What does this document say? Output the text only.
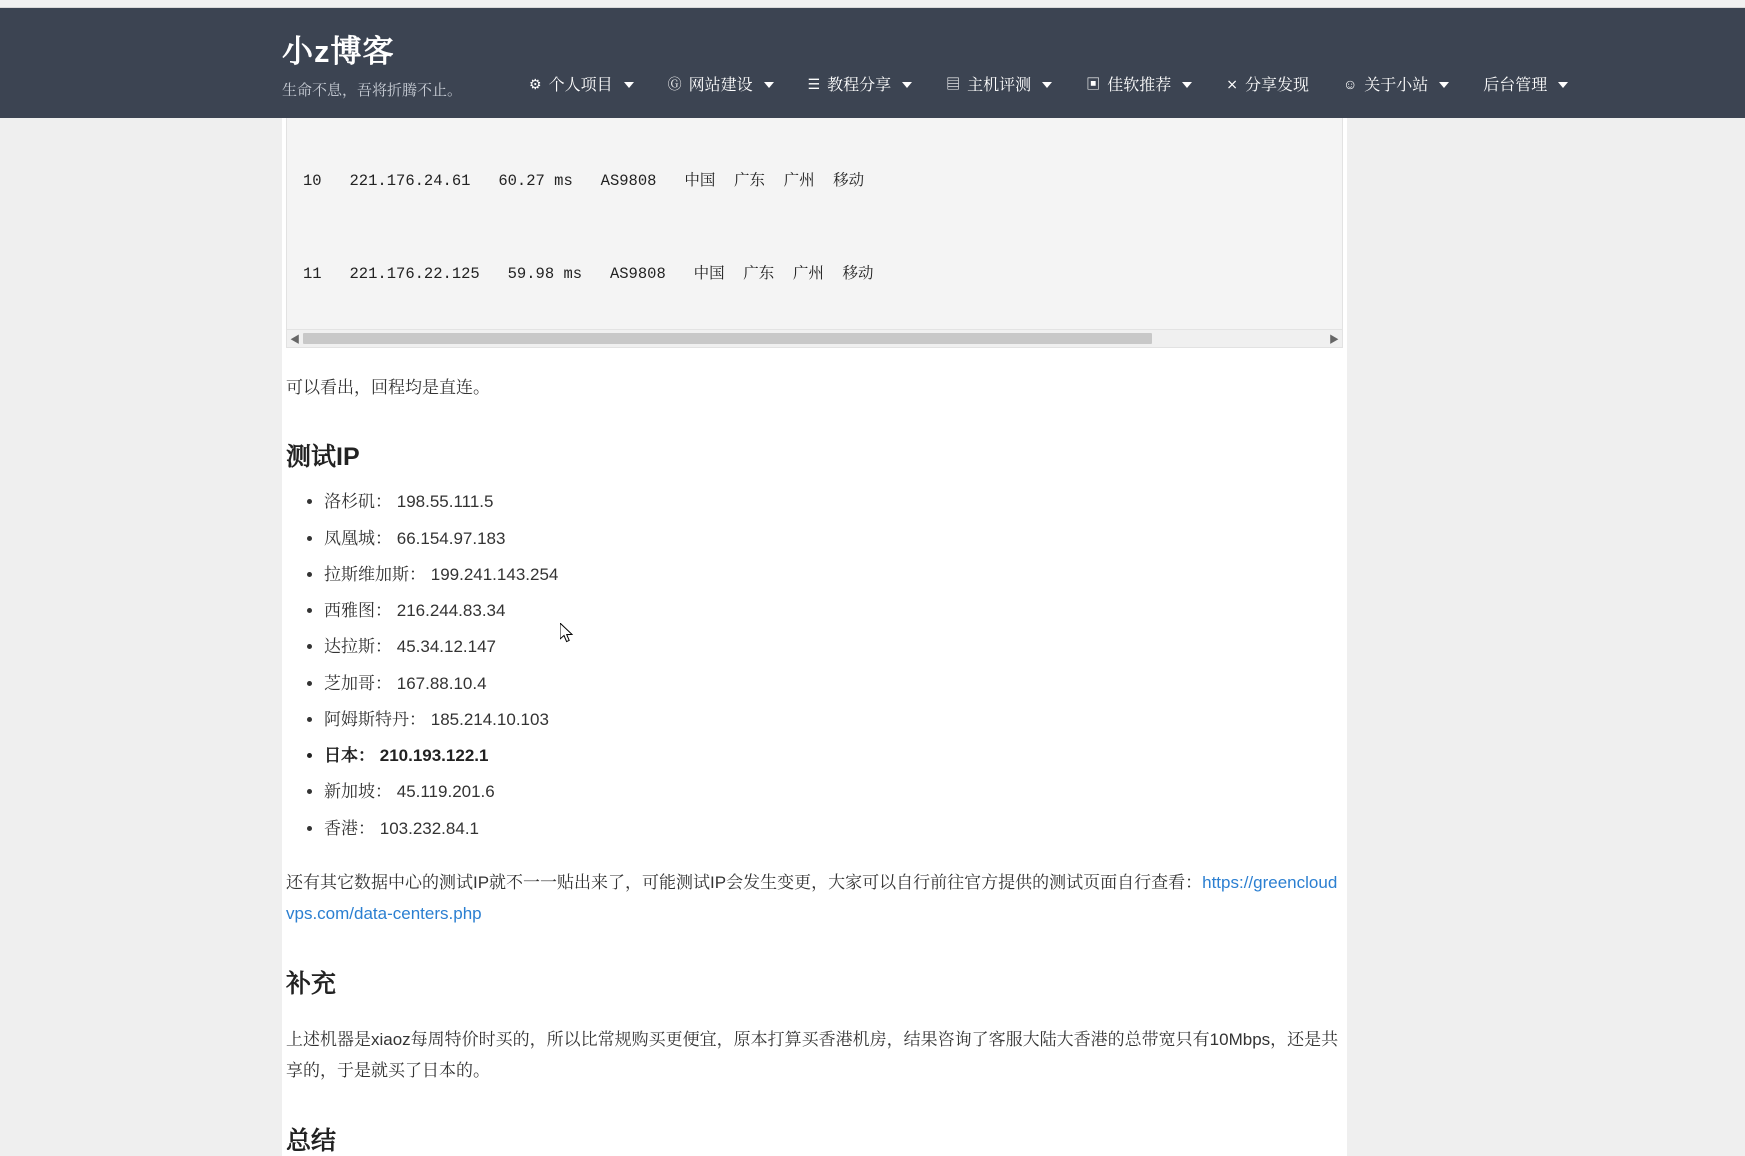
小z博客
生命不息，吾将折腾不止。	⚙ 个人项目	Ⓖ 网站建设	☰ 教程分享	▤ 主机评测	▣ 佳软推荐	⨯ 分享发现 ☺ 关于小站	后台管理

10   221.176.24.61   60.27 ms   AS9808   中国  广东  广州  移动

11   221.176.22.125   59.98 ms   AS9808   中国  广东  广州  移动

◀	▶

可以看出，回程均是直连。

测试IP
• 洛杉矶： 198.55.111.5
• 凤凰城： 66.154.97.183
• 拉斯维加斯： 199.241.143.254
• 西雅图： 216.244.83.34
• 达拉斯： 45.34.12.147
• 芝加哥： 167.88.10.4
• 阿姆斯特丹： 185.214.10.103
• 日本： 210.193.122.1
• 新加坡： 45.119.201.6
• 香港： 103.232.84.1

还有其它数据中心的测试IP就不一一贴出来了，可能测试IP会发生变更，大家可以自行前往官方提供的测试页面自行查看：https://greencloudvps.com/data-centers.php

补充

上述机器是xiaoz每周特价时买的，所以比常规购买更便宜，原本打算买香港机房，结果咨询了客服大陆大香港的总带宽只有10Mbps，还是共享的，于是就买了日本的。

总结
